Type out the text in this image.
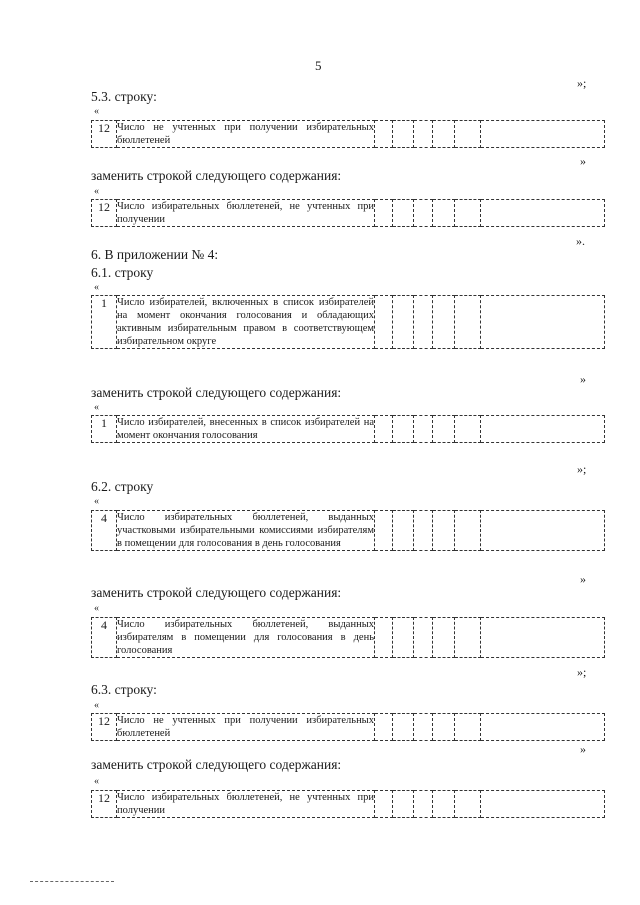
5
»;
5.3. строку:
«
12	Число не учтенных при получении избирательных бюллетеней						
»
заменить строкой следующего содержания:
«
12	Число избирательных бюллетеней, не учтенных при получении						
».
6. В приложении № 4:
6.1. строку
«
1	Число избирателей, включенных в список избирателей на момент окончания голосования и обладающих активным избирательным правом в соответствующем избирательном округе						
»
заменить строкой следующего содержания:
«
1	Число избирателей, внесенных в список избирателей на момент окончания голосования						
»;
6.2. строку
«
4	Число избирательных бюллетеней, выданных участковыми избирательными комиссиями избирателям в помещении для голосования в день голосования						
»
заменить строкой следующего содержания:
«
4	Число избирательных бюллетеней, выданных избирателям в помещении для голосования в день голосования						
»;
6.3. строку:
«
12	Число не учтенных при получении избирательных бюллетеней						
»
заменить строкой следующего содержания:
«
12	Число избирательных бюллетеней, не учтенных при получении						
